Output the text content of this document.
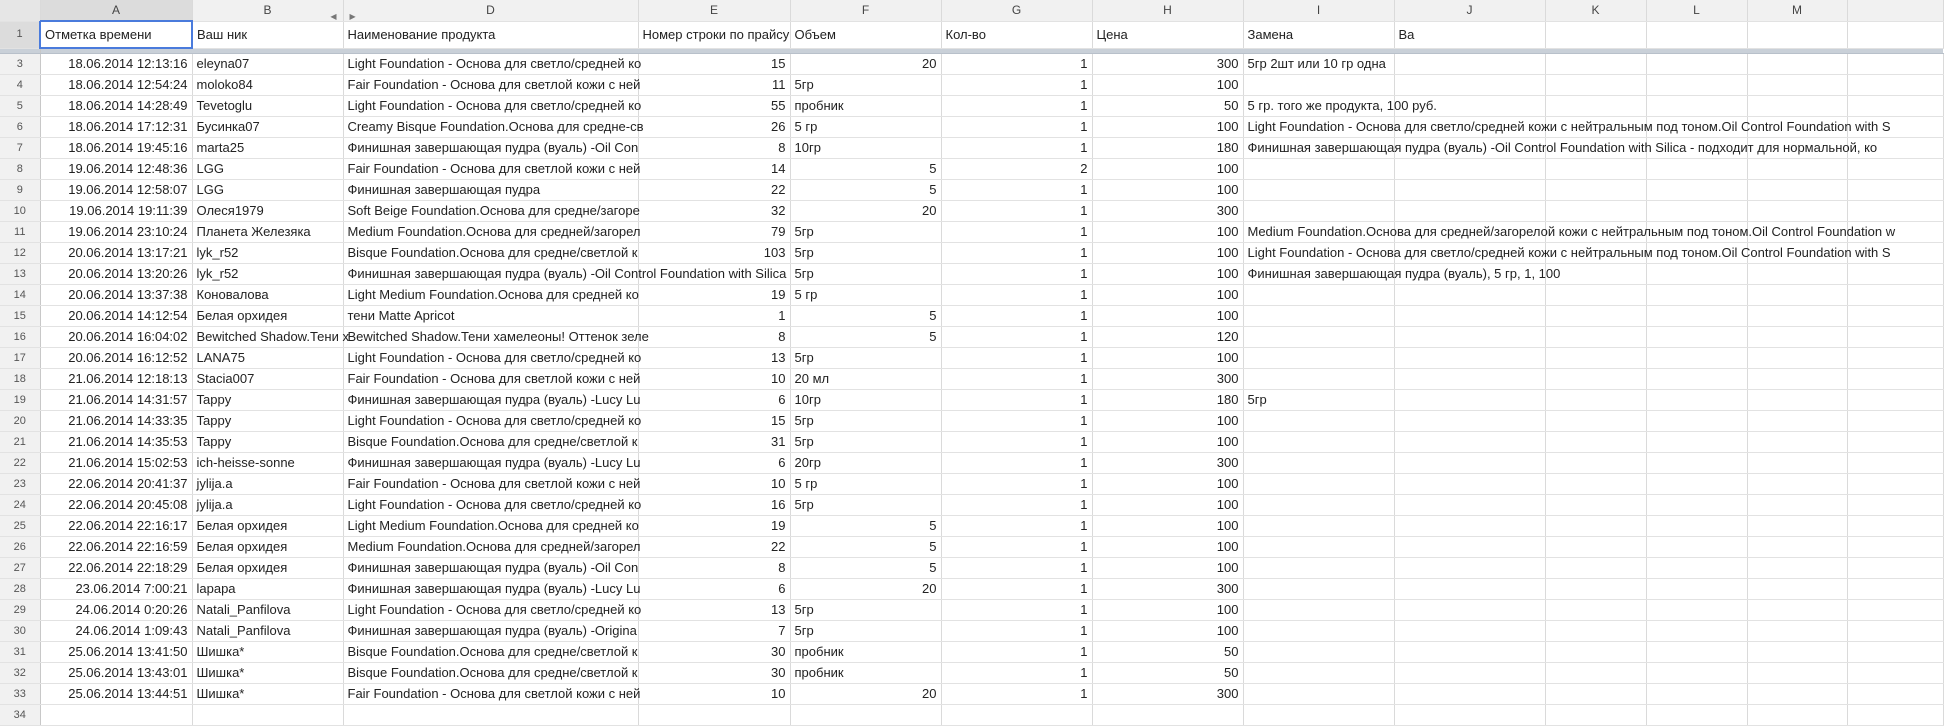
	A	B ◀	D
▶	E	F	G	H	I	J	K	L	M	
1	Отметка времени	Ваш ник	Наименование продукта	Номер строки по прайсу	Объем	Кол-во	Цена	Замена	Ва				

3	18.06.2014 12:13:16	eleyna07	Light Foundation - Основа для светло/средней ко	15	20	1	300	5гр 2шт или 10 гр одна					
4	18.06.2014 12:54:24	moloko84	Fair Foundation - Основа для светлой кожи с ней	11	5гр	1	100						
5	18.06.2014 14:28:49	Tevetoglu	Light Foundation - Основа для светло/средней ко	55	пробник	1	50	5 гр. того же продукта, 100 руб.					
6	18.06.2014 17:12:31	Бусинка07	Creamy Bisque Foundation.Основа для средне-св	26	5 гр	1	100	Light Foundation - Основа для светло/средней кожи с нейтральным под тоном.Oil Control Foundation with S					
7	18.06.2014 19:45:16	marta25	Финишная завершающая пудра (вуаль) -Oil Con	8	10гр	1	180	Финишная завершающая пудра (вуаль) -Oil Control Foundation with Silica - подходит для нормальной, ко					
8	19.06.2014 12:48:36	LGG	Fair Foundation - Основа для светлой кожи с ней	14	5	2	100						
9	19.06.2014 12:58:07	LGG	Финишная завершающая пудра	22	5	1	100						
10	19.06.2014 19:11:39	Олеся1979	Soft Beige Foundation.Основа для средне/загоре	32	20	1	300						
11	19.06.2014 23:10:24	Планета Железяка	Medium Foundation.Основа для средней/загорел	79	5гр	1	100	Medium Foundation.Основа для средней/загорелой кожи с нейтральным под тоном.Oil Control Foundation w					
12	20.06.2014 13:17:21	lyk_r52	Bisque Foundation.Основа для средне/светлой к	103	5гр	1	100	Light Foundation - Основа для светло/средней кожи с нейтральным под тоном.Oil Control Foundation with S					
13	20.06.2014 13:20:26	lyk_r52	Финишная завершающая пудра (вуаль) -Oil Control Foundation with Silica		5гр	1	100	Финишная завершающая пудра (вуаль), 5 гр, 1, 100					
14	20.06.2014 13:37:38	Коновалова	Light Medium Foundation.Основа для средней ко	19	5 гр	1	100						
15	20.06.2014 14:12:54	Белая орхидея	тени Matte Apricot	1	5	1	100						
16	20.06.2014 16:04:02	Bewitched Shadow.Тени х	Bewitched Shadow.Тени хамелеоны! Оттенок зеле	8	5	1	120						
17	20.06.2014 16:12:52	LANA75	Light Foundation - Основа для светло/средней ко	13	5гр	1	100						
18	21.06.2014 12:18:13	Stacia007	Fair Foundation - Основа для светлой кожи с ней	10	20 мл	1	300						
19	21.06.2014 14:31:57	Tappy	Финишная завершающая пудра (вуаль) -Lucy Lu	6	10гр	1	180	5гр					
20	21.06.2014 14:33:35	Tappy	Light Foundation - Основа для светло/средней ко	15	5гр	1	100						
21	21.06.2014 14:35:53	Tappy	Bisque Foundation.Основа для средне/светлой к	31	5гр	1	100						
22	21.06.2014 15:02:53	ich-heisse-sonne	Финишная завершающая пудра (вуаль) -Lucy Lu	6	20гр	1	300						
23	22.06.2014 20:41:37	jylija.a	Fair Foundation - Основа для светлой кожи с ней	10	5 гр	1	100						
24	22.06.2014 20:45:08	jylija.a	Light Foundation - Основа для светло/средней ко	16	5гр	1	100						
25	22.06.2014 22:16:17	Белая орхидея	Light Medium Foundation.Основа для средней ко	19	5	1	100						
26	22.06.2014 22:16:59	Белая орхидея	Medium Foundation.Основа для средней/загорел	22	5	1	100						
27	22.06.2014 22:18:29	Белая орхидея	Финишная завершающая пудра (вуаль) -Oil Con	8	5	1	100						
28	23.06.2014 7:00:21	lapapa	Финишная завершающая пудра (вуаль) -Lucy Lu	6	20	1	300						
29	24.06.2014 0:20:26	Natali_Panfilova	Light Foundation - Основа для светло/средней ко	13	5гр	1	100						
30	24.06.2014 1:09:43	Natali_Panfilova	Финишная завершающая пудра (вуаль) -Origina	7	5гр	1	100						
31	25.06.2014 13:41:50	Шишка*	Bisque Foundation.Основа для средне/светлой к	30	пробник	1	50						
32	25.06.2014 13:43:01	Шишка*	Bisque Foundation.Основа для средне/светлой к	30	пробник	1	50						
33	25.06.2014 13:44:51	Шишка*	Fair Foundation - Основа для светлой кожи с ней	10	20	1	300						
34													
